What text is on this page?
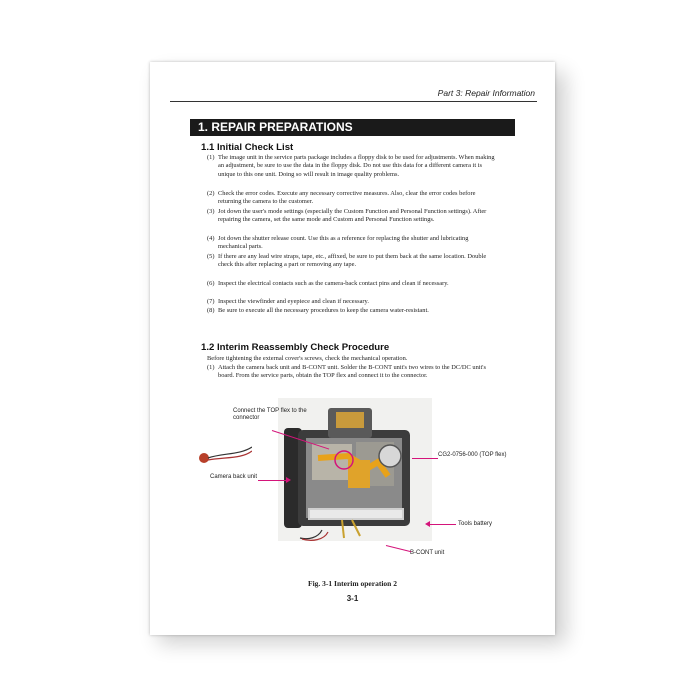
Part 3: Repair Information
1. REPAIR PREPARATIONS
1.1 Initial Check List
(1) The image unit in the service parts package includes a floppy disk to be used for adjustments. When making an adjustment, be sure to use the data in the floppy disk. Do not use this data for a different camera it is unique to this one unit. Doing so will result in image quality problems.
(2) Check the error codes. Execute any necessary corrective measures. Also, clear the error codes before returning the camera to the customer.
(3) Jot down the user's mode settings (especially the Custom Function and Personal Function settings). After repairing the camera, set the same mode and Custom and Personal Function settings.
(4) Jot down the shutter release count. Use this as a reference for replacing the shutter and lubricating mechanical parts.
(5) If there are any lead wire straps, tape, etc., affixed, be sure to put them back at the same location. Double check this after replacing a part or removing any tape.
(6) Inspect the electrical contacts such as the camera-back contact pins and clean if necessary.
(7) Inspect the viewfinder and eyepiece and clean if necessary.
(8) Be sure to execute all the necessary procedures to keep the camera water-resistant.
1.2 Interim Reassembly Check Procedure
Before tightening the external cover's screws, check the mechanical operation.
(1) Attach the camera back unit and B-CONT unit. Solder the B-CONT unit's two wires to the DC/DC unit's board. From the service parts, obtain the TOP flex and connect it to the connector.
Connect the TOP flex to the connector
CG2-0756-000 (TOP flex)
Camera back unit
Tools battery
B-CONT unit
Fig. 3-1 Interim operation 2
3-1
